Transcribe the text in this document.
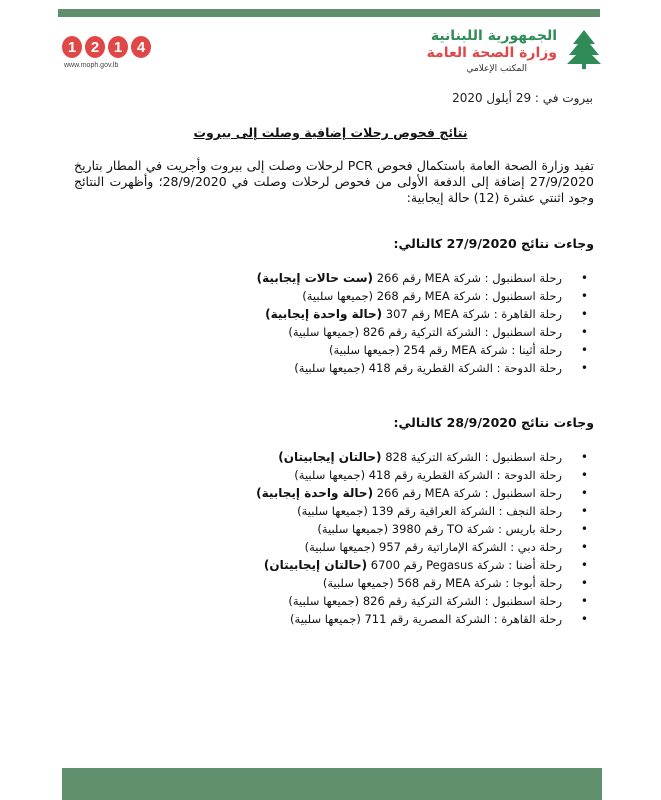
1 2 1 4
www.moph.gov.lb
الجمهورية اللبنانية
وزارة الصحة العامة
المكتب الإعلامي
بيروت في : 29 أيلول 2020
نتائج فحوص رحلات إضافية وصلت إلى بيروت

تفيد وزارة الصحة العامة باستكمال فحوص PCR لرحلات وصلت إلى بيروت وأجريت في المطار بتاريخ 27/9/2020 إضافة إلى الدفعة الأولى من فحوص لرحلات وصلت في 28/9/2020؛ وأظهرت النتائج وجود اثنتي عشرة (12) حالة إيجابية:

وجاءت نتائج 27/9/2020 كالتالي:
• رحلة اسطنبول : شركة MEA رقم 266 (ست حالات إيجابية)
• رحلة اسطنبول : شركة MEA رقم 268 (جميعها سلبية)
• رحلة القاهرة : شركة MEA رقم 307 (حالة واحدة إيجابية)
• رحلة اسطنبول : الشركة التركية رقم 826 (جميعها سلبية)
• رحلة أثينا : شركة MEA رقم 254 (جميعها سلبية)
• رحلة الدوحة : الشركة القطرية رقم 418 (جميعها سلبية)
وجاءت نتائج 28/9/2020 كالتالي:
• رحلة اسطنبول : الشركة التركية 828 (حالتان إيجابيتان)
• رحلة الدوحة : الشركة القطرية رقم 418 (جميعها سلبية)
• رحلة اسطنبول : شركة MEA رقم 266 (حالة واحدة إيجابية)
• رحلة النجف : الشركة العراقية رقم 139 (جميعها سلبية)
• رحلة باريس : شركة TO رقم 3980 (جميعها سلبية)
• رحلة دبي : الشركة الإماراتية رقم 957 (جميعها سلبية)
• رحلة أضنا : شركة Pegasus رقم 6700 (حالتان إيجابيتان)
• رحلة أبوجا : شركة MEA رقم 568 (جميعها سلبية)
• رحلة اسطنبول : الشركة التركية رقم 826 (جميعها سلبية)
• رحلة القاهرة : الشركة المصرية رقم 711 (جميعها سلبية)
